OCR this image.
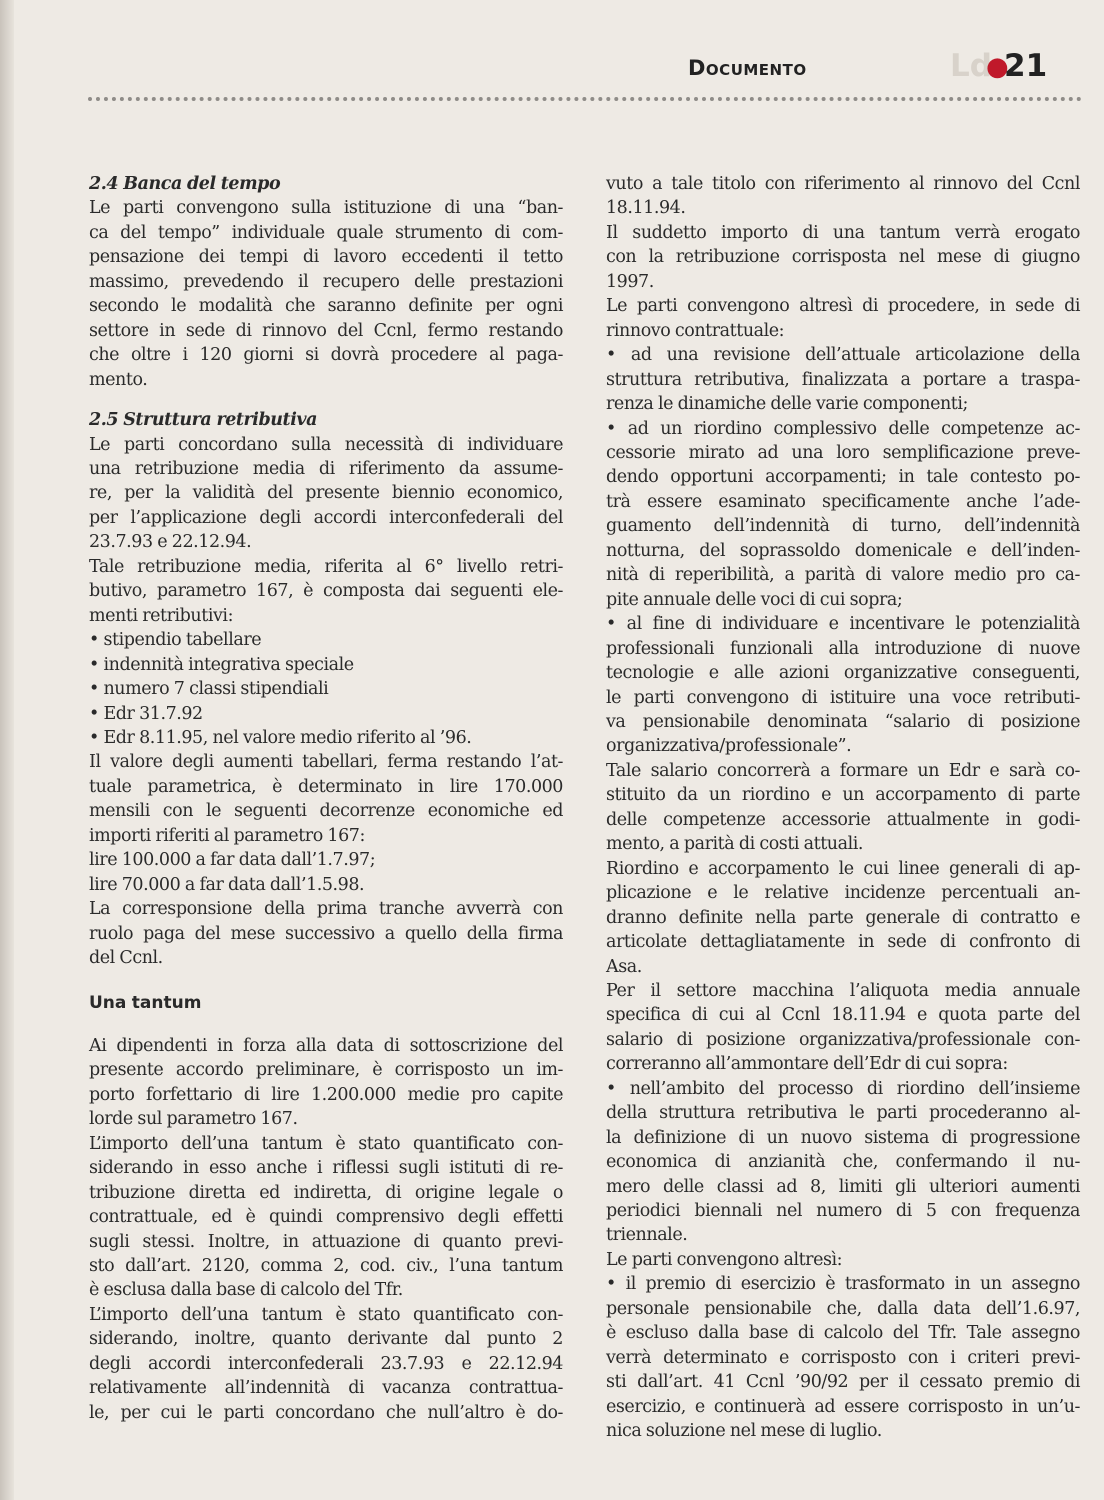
Documento	Ld
●
21

2.4 Banca del tempo

Le parti convengono sulla istituzione di una “ban-

ca del tempo” individuale quale strumento di com-

pensazione dei tempi di lavoro eccedenti il tetto

massimo, prevedendo il recupero delle prestazioni

secondo le modalità che saranno definite per ogni

settore in sede di rinnovo del Ccnl, fermo restando

che oltre i 120 giorni si dovrà procedere al paga-

mento.

2.5 Struttura retributiva

Le parti concordano sulla necessità di individuare

una retribuzione media di riferimento da assume-

re, per la validità del presente biennio economico,

per l’applicazione degli accordi interconfederali del

23.7.93 e 22.12.94.

Tale retribuzione media, riferita al 6° livello retri-

butivo, parametro 167, è composta dai seguenti ele-

menti retributivi:

• stipendio tabellare

• indennità integrativa speciale

• numero 7 classi stipendiali

• Edr 31.7.92

• Edr 8.11.95, nel valore medio riferito al ’96.

Il valore degli aumenti tabellari, ferma restando l’at-

tuale parametrica, è determinato in lire 170.000

mensili con le seguenti decorrenze economiche ed

importi riferiti al parametro 167:

lire 100.000 a far data dall’1.7.97;

lire 70.000 a far data dall’1.5.98.

La corresponsione della prima tranche avverrà con

ruolo paga del mese successivo a quello della firma

del Ccnl.

Una tantum

Ai dipendenti in forza alla data di sottoscrizione del

presente accordo preliminare, è corrisposto un im-

porto forfettario di lire 1.200.000 medie pro capite

lorde sul parametro 167.

L’importo dell’una tantum è stato quantificato con-

siderando in esso anche i riflessi sugli istituti di re-

tribuzione diretta ed indiretta, di origine legale o

contrattuale, ed è quindi comprensivo degli effetti

sugli stessi. Inoltre, in attuazione di quanto previ-

sto dall’art. 2120, comma 2, cod. civ., l’una tantum

è esclusa dalla base di calcolo del Tfr.

L’importo dell’una tantum è stato quantificato con-

siderando, inoltre, quanto derivante dal punto 2

degli accordi interconfederali 23.7.93 e 22.12.94

relativamente all’indennità di vacanza contrattua-

le, per cui le parti concordano che null’altro è do-

vuto a tale titolo con riferimento al rinnovo del Ccnl

18.11.94.

Il suddetto importo di una tantum verrà erogato

con la retribuzione corrisposta nel mese di giugno

1997.

Le parti convengono altresì di procedere, in sede di

rinnovo contrattuale:

• ad una revisione dell’attuale articolazione della

struttura retributiva, finalizzata a portare a traspa-

renza le dinamiche delle varie componenti;

• ad un riordino complessivo delle competenze ac-

cessorie mirato ad una loro semplificazione preve-

dendo opportuni accorpamenti; in tale contesto po-

trà essere esaminato specificamente anche l’ade-

guamento dell’indennità di turno, dell’indennità

notturna, del soprassoldo domenicale e dell’inden-

nità di reperibilità, a parità di valore medio pro ca-

pite annuale delle voci di cui sopra;

• al fine di individuare e incentivare le potenzialità

professionali funzionali alla introduzione di nuove

tecnologie e alle azioni organizzative conseguenti,

le parti convengono di istituire una voce retributi-

va pensionabile denominata “salario di posizione

organizzativa/professionale”.

Tale salario concorrerà a formare un Edr e sarà co-

stituito da un riordino e un accorpamento di parte

delle competenze accessorie attualmente in godi-

mento, a parità di costi attuali.

Riordino e accorpamento le cui linee generali di ap-

plicazione e le relative incidenze percentuali an-

dranno definite nella parte generale di contratto e

articolate dettagliatamente in sede di confronto di

Asa.

Per il settore macchina l’aliquota media annuale

specifica di cui al Ccnl 18.11.94 e quota parte del

salario di posizione organizzativa/professionale con-

correranno all’ammontare dell’Edr di cui sopra:

• nell’ambito del processo di riordino dell’insieme

della struttura retributiva le parti procederanno al-

la definizione di un nuovo sistema di progressione

economica di anzianità che, confermando il nu-

mero delle classi ad 8, limiti gli ulteriori aumenti

periodici biennali nel numero di 5 con frequenza

triennale.

Le parti convengono altresì:

• il premio di esercizio è trasformato in un assegno

personale pensionabile che, dalla data dell’1.6.97,

è escluso dalla base di calcolo del Tfr. Tale assegno

verrà determinato e corrisposto con i criteri previ-

sti dall’art. 41 Ccnl ’90/92 per il cessato premio di

esercizio, e continuerà ad essere corrisposto in un’u-

nica soluzione nel mese di luglio.
